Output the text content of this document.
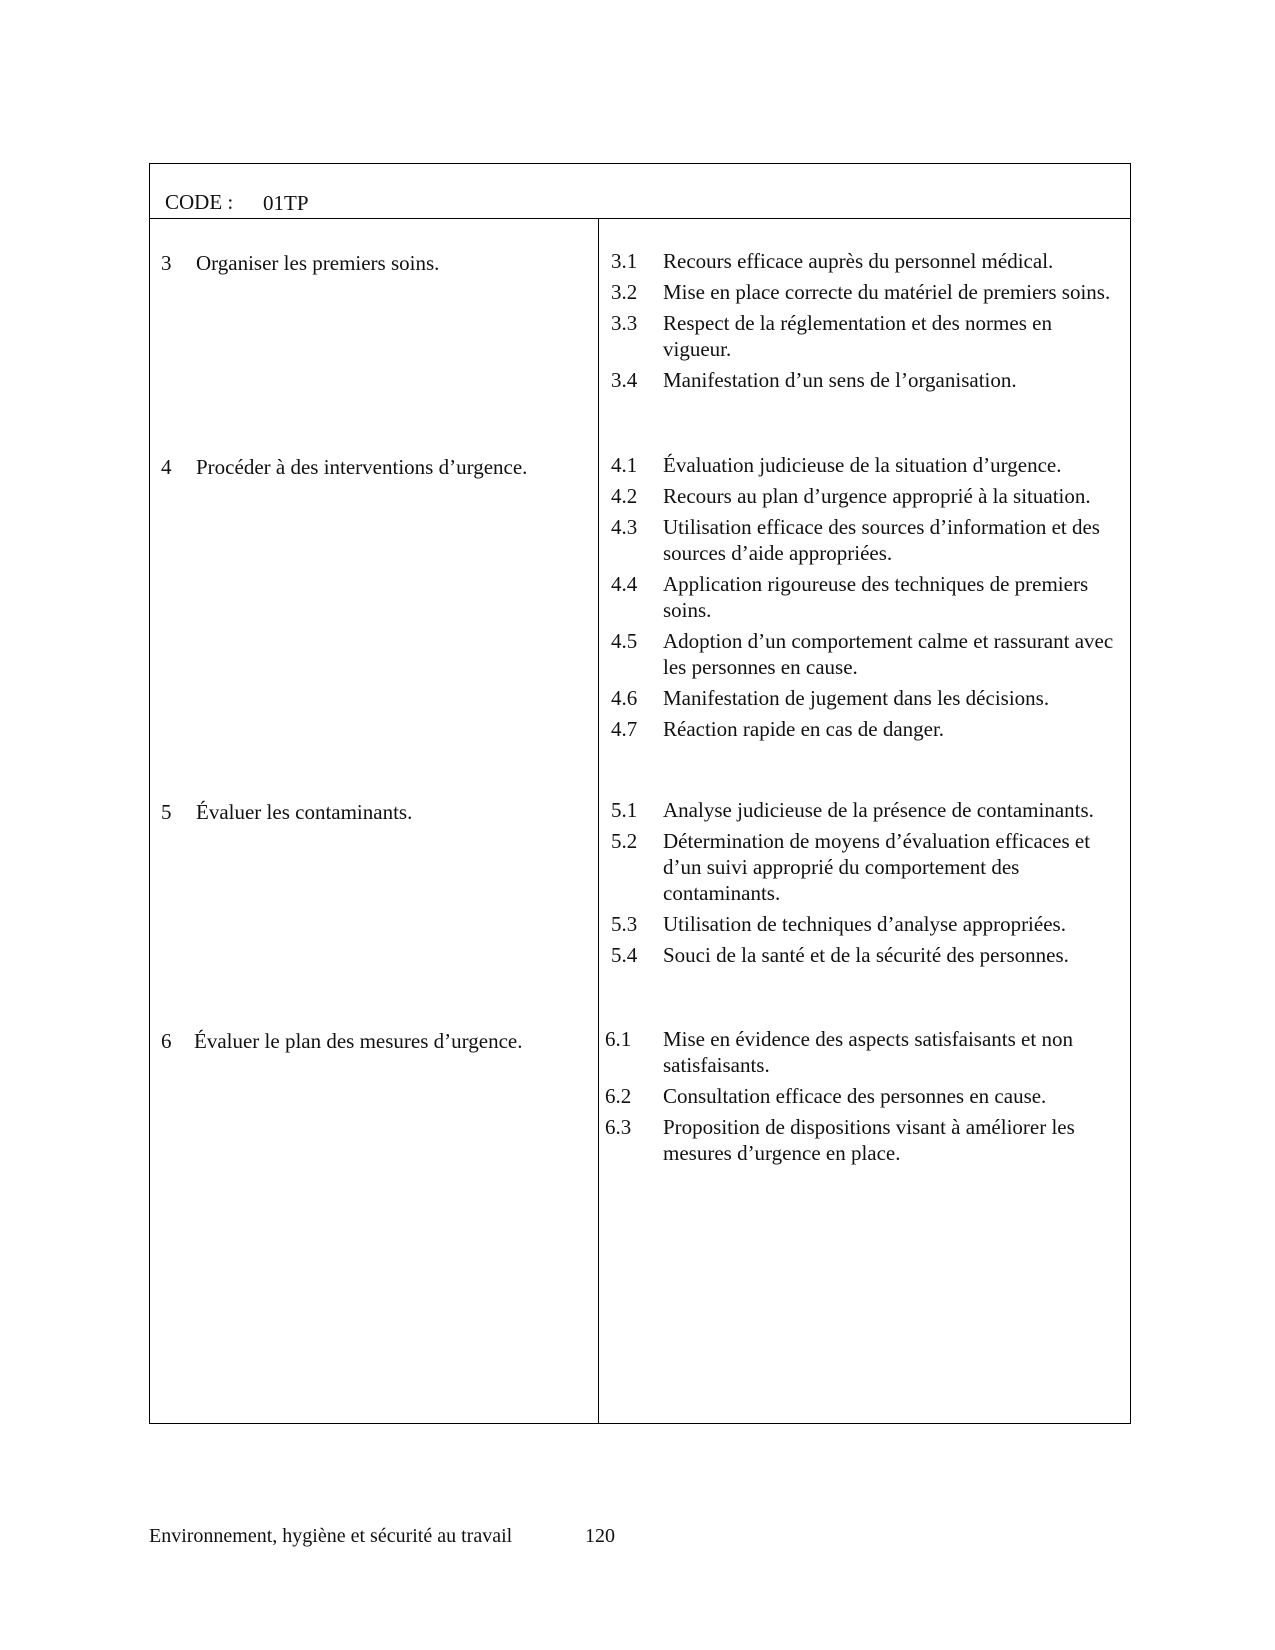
CODE : 01TP
3 Organiser les premiers soins.	3.1	Recours efficace auprès du personnel médical.
3.2	Mise en place correcte du matériel de premiers soins.
3.3	Respect de la réglementation et des normes en vigueur.
3.4	Manifestation d’un sens de l’organisation.
4 Procéder à des interventions d’urgence.	4.1	Évaluation judicieuse de la situation d’urgence.
4.2	Recours au plan d’urgence approprié à la situation.
4.3	Utilisation efficace des sources d’information et des sources d’aide appropriées.
4.4	Application rigoureuse des techniques de premiers soins.
4.5	Adoption d’un comportement calme et rassurant avec les personnes en cause.
4.6	Manifestation de jugement dans les décisions.
4.7	Réaction rapide en cas de danger.
5 Évaluer les contaminants.	5.1	Analyse judicieuse de la présence de contaminants.
5.2	Détermination de moyens d’évaluation efficaces et d’un suivi approprié du comportement des contaminants.
5.3	Utilisation de techniques d’analyse appropriées.
5.4	Souci de la santé et de la sécurité des personnes.
6 Évaluer le plan des mesures d’urgence.	6.1	Mise en évidence des aspects satisfaisants et non satisfaisants.
6.2	Consultation efficace des personnes en cause.
6.3	Proposition de dispositions visant à améliorer les mesures d’urgence en place.
Environnement, hygiène et sécurité au travail	120
